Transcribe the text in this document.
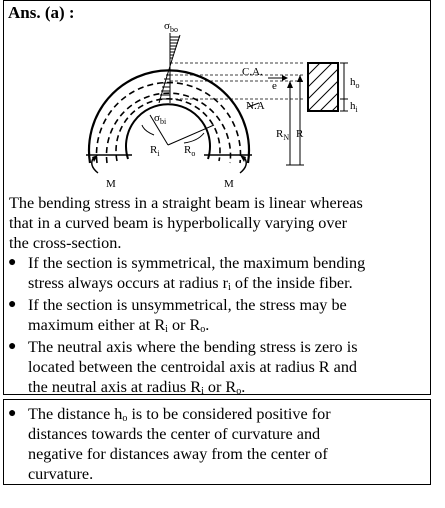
Ans. (a) :
$\sigma_{bo}$
$\sigma_{bi}$
C.A.
e
N.A
$h_o$
$h_i$
$R_N$ R
$R_i$ $R_o$
M	M
The bending stress in a straight beam is linear whereas
that in a curved beam is hyperbolically varying over
the cross-section.
● If the section is symmetrical, the maximum bending
stress always occurs at radius $r_i$ of the inside fiber.
● If the section is unsymmetrical, the stress may be
maximum either at $R_i$ or $R_o$.
● The neutral axis where the bending stress is zero is
located between the centroidal axis at radius R and
the neutral axis at radius $R_i$ or $R_o$.
● The distance $h_o$ is to be considered positive for
distances towards the center of curvature and
negative for distances away from the center of
curvature.
